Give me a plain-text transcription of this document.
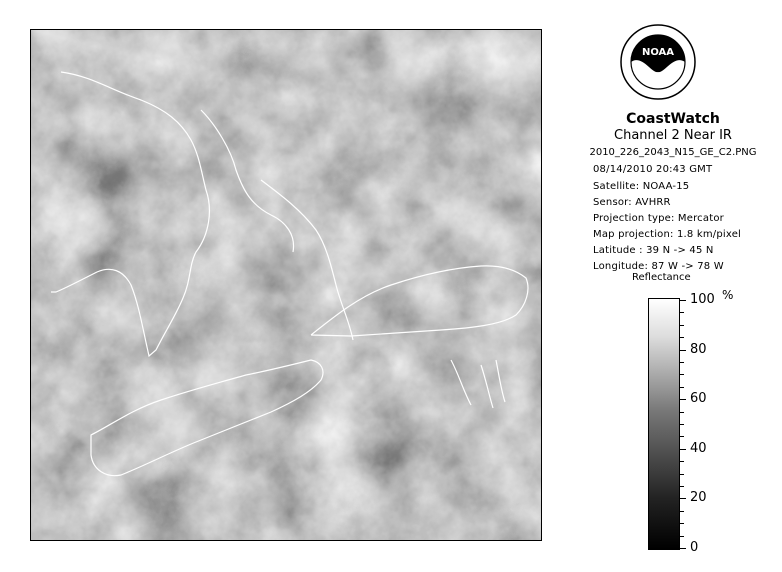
NOAA
CoastWatch
Channel 2 Near IR
2010_226_2043_N15_GE_C2.PNG
08/14/2010 20:43 GMT
Satellite: NOAA-15
Sensor: AVHRR
Projection type: Mercator
Map projection: 1.8 km/pixel
Latitude : 39 N -> 45 N
Longitude: 87 W -> 78 W
Reflectance
%
100
80
60
40
20
0
